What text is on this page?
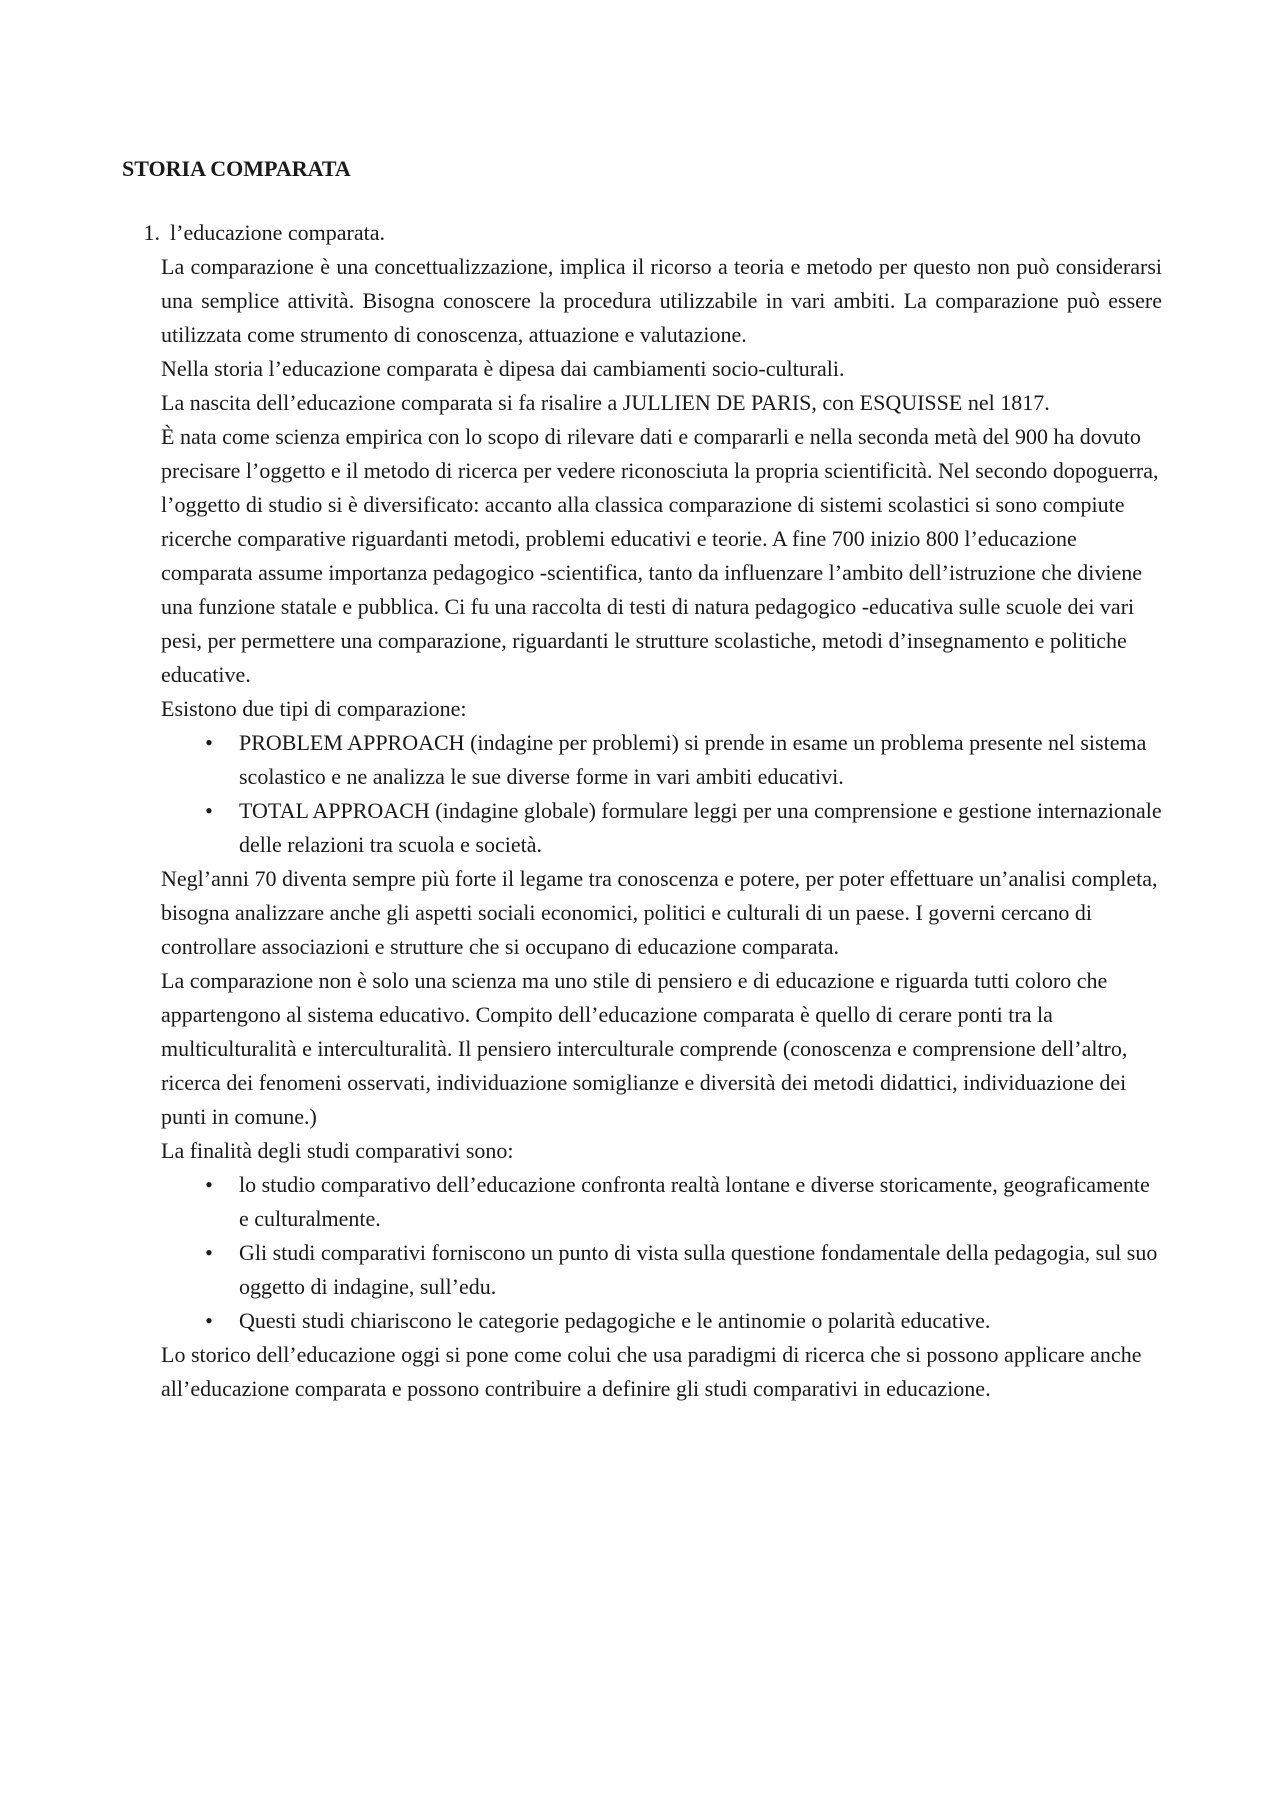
STORIA COMPARATA
1. l’educazione comparata.

La comparazione è una concettualizzazione, implica il ricorso a teoria e metodo per questo non può considerarsi una semplice attività. Bisogna conoscere la procedura utilizzabile in vari ambiti. La comparazione può essere utilizzata come strumento di conoscenza, attuazione e valutazione.

Nella storia l’educazione comparata è dipesa dai cambiamenti socio-culturali.

La nascita dell’educazione comparata si fa risalire a JULLIEN DE PARIS, con ESQUISSE nel 1817.

È nata come scienza empirica con lo scopo di rilevare dati e compararli e nella seconda metà del 900 ha dovuto precisare l’oggetto e il metodo di ricerca per vedere riconosciuta la propria scientificità. Nel secondo dopoguerra, l’oggetto di studio si è diversificato: accanto alla classica comparazione di sistemi scolastici si sono compiute ricerche comparative riguardanti metodi, problemi educativi e teorie. A fine 700 inizio 800 l’educazione comparata assume importanza pedagogico -scientifica, tanto da influenzare l’ambito dell’istruzione che diviene una funzione statale e pubblica. Ci fu una raccolta di testi di natura pedagogico -educativa sulle scuole dei vari pesi, per permettere una comparazione, riguardanti le strutture scolastiche, metodi d’insegnamento e politiche educative.

Esistono due tipi di comparazione:

• PROBLEM APPROACH (indagine per problemi) si prende in esame un problema presente nel sistema scolastico e ne analizza le sue diverse forme in vari ambiti educativi.
• TOTAL APPROACH (indagine globale) formulare leggi per una comprensione e gestione internazionale delle relazioni tra scuola e società.

Negl’anni 70 diventa sempre più forte il legame tra conoscenza e potere, per poter effettuare un’analisi completa, bisogna analizzare anche gli aspetti sociali economici, politici e culturali di un paese. I governi cercano di controllare associazioni e strutture che si occupano di educazione comparata.

La comparazione non è solo una scienza ma uno stile di pensiero e di educazione e riguarda tutti coloro che appartengono al sistema educativo. Compito dell’educazione comparata è quello di cerare ponti tra la multiculturalità e interculturalità. Il pensiero interculturale comprende (conoscenza e comprensione dell’altro, ricerca dei fenomeni osservati, individuazione somiglianze e diversità dei metodi didattici, individuazione dei punti in comune.)

La finalità degli studi comparativi sono:

• lo studio comparativo dell’educazione confronta realtà lontane e diverse storicamente, geograficamente e culturalmente.
• Gli studi comparativi forniscono un punto di vista sulla questione fondamentale della pedagogia, sul suo oggetto di indagine, sull’edu.
• Questi studi chiariscono le categorie pedagogiche e le antinomie o polarità educative.

Lo storico dell’educazione oggi si pone come colui che usa paradigmi di ricerca che si possono applicare anche all’educazione comparata e possono contribuire a definire gli studi comparativi in educazione.
